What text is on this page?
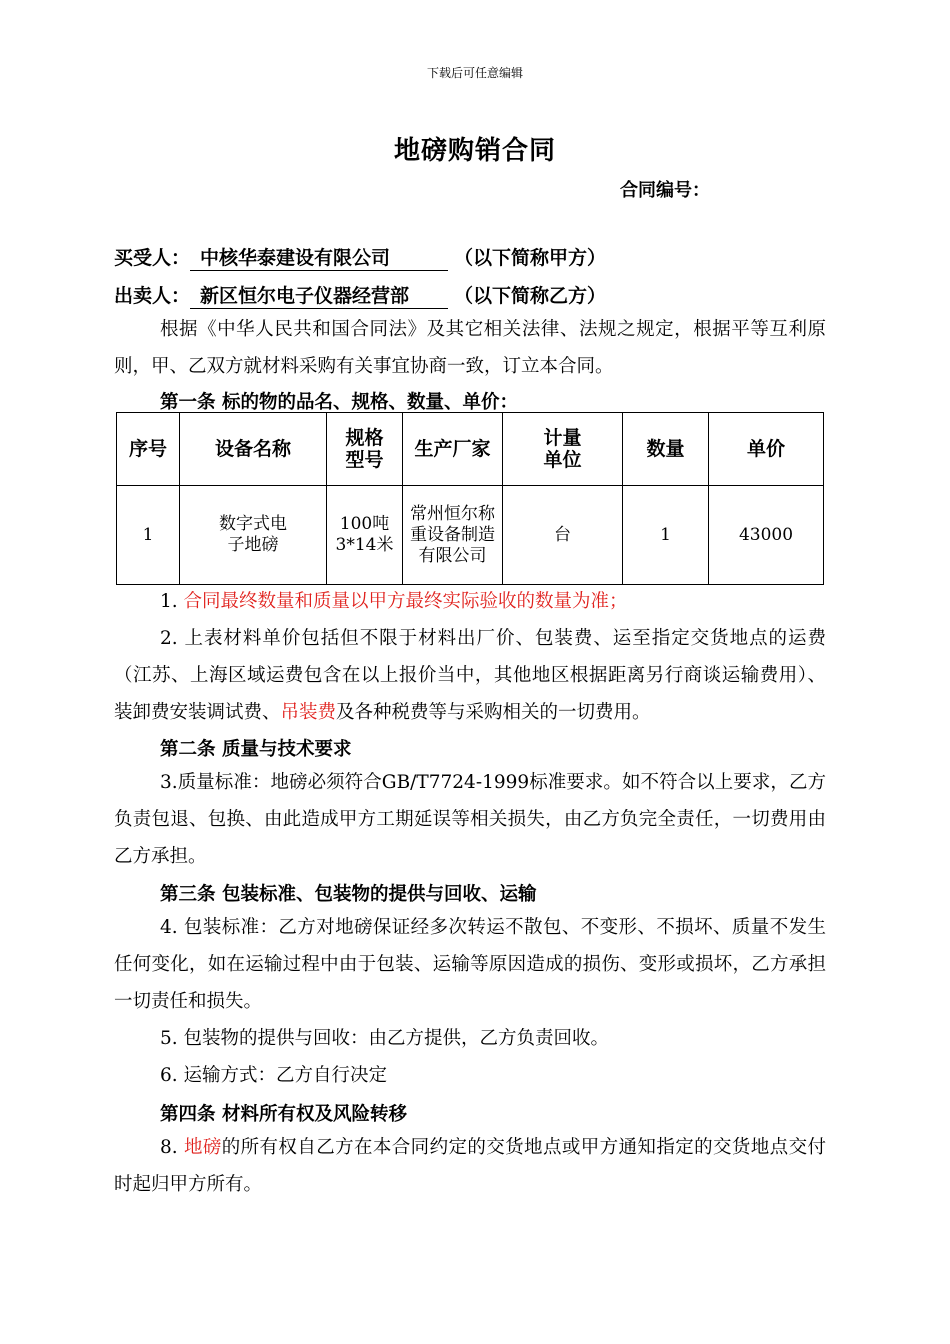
下载后可任意编辑
地磅购销合同
合同编号：
买受人： 中核华泰建设有限公司	（以下简称甲方）
出卖人： 新区恒尔电子仪器经营部 （以下简称乙方）
根据《中华人民共和国合同法》及其它相关法律、法规之规定，根据平等互利原则，甲、乙双方就材料采购有关事宜协商一致，订立本合同。
第一条 标的物的品名、规格、数量、单价：
序号	设备名称	规格型号	生产厂家	计量单位	数量	单价
1	数字式电子地磅	100吨3*14米	常州恒尔称重设备制造有限公司	台	1	43000
1. 合同最终数量和质量以甲方最终实际验收的数量为准；
2. 上表材料单价包括但不限于材料出厂价、包装费、运至指定交货地点的运费（江苏、上海区域运费包含在以上报价当中，其他地区根据距离另行商谈运输费用）、装卸费安装调试费、吊装费及各种税费等与采购相关的一切费用。
第二条 质量与技术要求
3.质量标准：地磅必须符合GB/T7724-1999标准要求。如不符合以上要求，乙方负责包退、包换、由此造成甲方工期延误等相关损失，由乙方负完全责任，一切费用由乙方承担。
第三条 包装标准、包装物的提供与回收、运输
4. 包装标准：乙方对地磅保证经多次转运不散包、不变形、不损坏、质量不发生任何变化，如在运输过程中由于包装、运输等原因造成的损伤、变形或损坏，乙方承担一切责任和损失。
5. 包装物的提供与回收：由乙方提供，乙方负责回收。
6. 运输方式：乙方自行决定
第四条 材料所有权及风险转移
8. 地磅的所有权自乙方在本合同约定的交货地点或甲方通知指定的交货地点交付时起归甲方所有。
